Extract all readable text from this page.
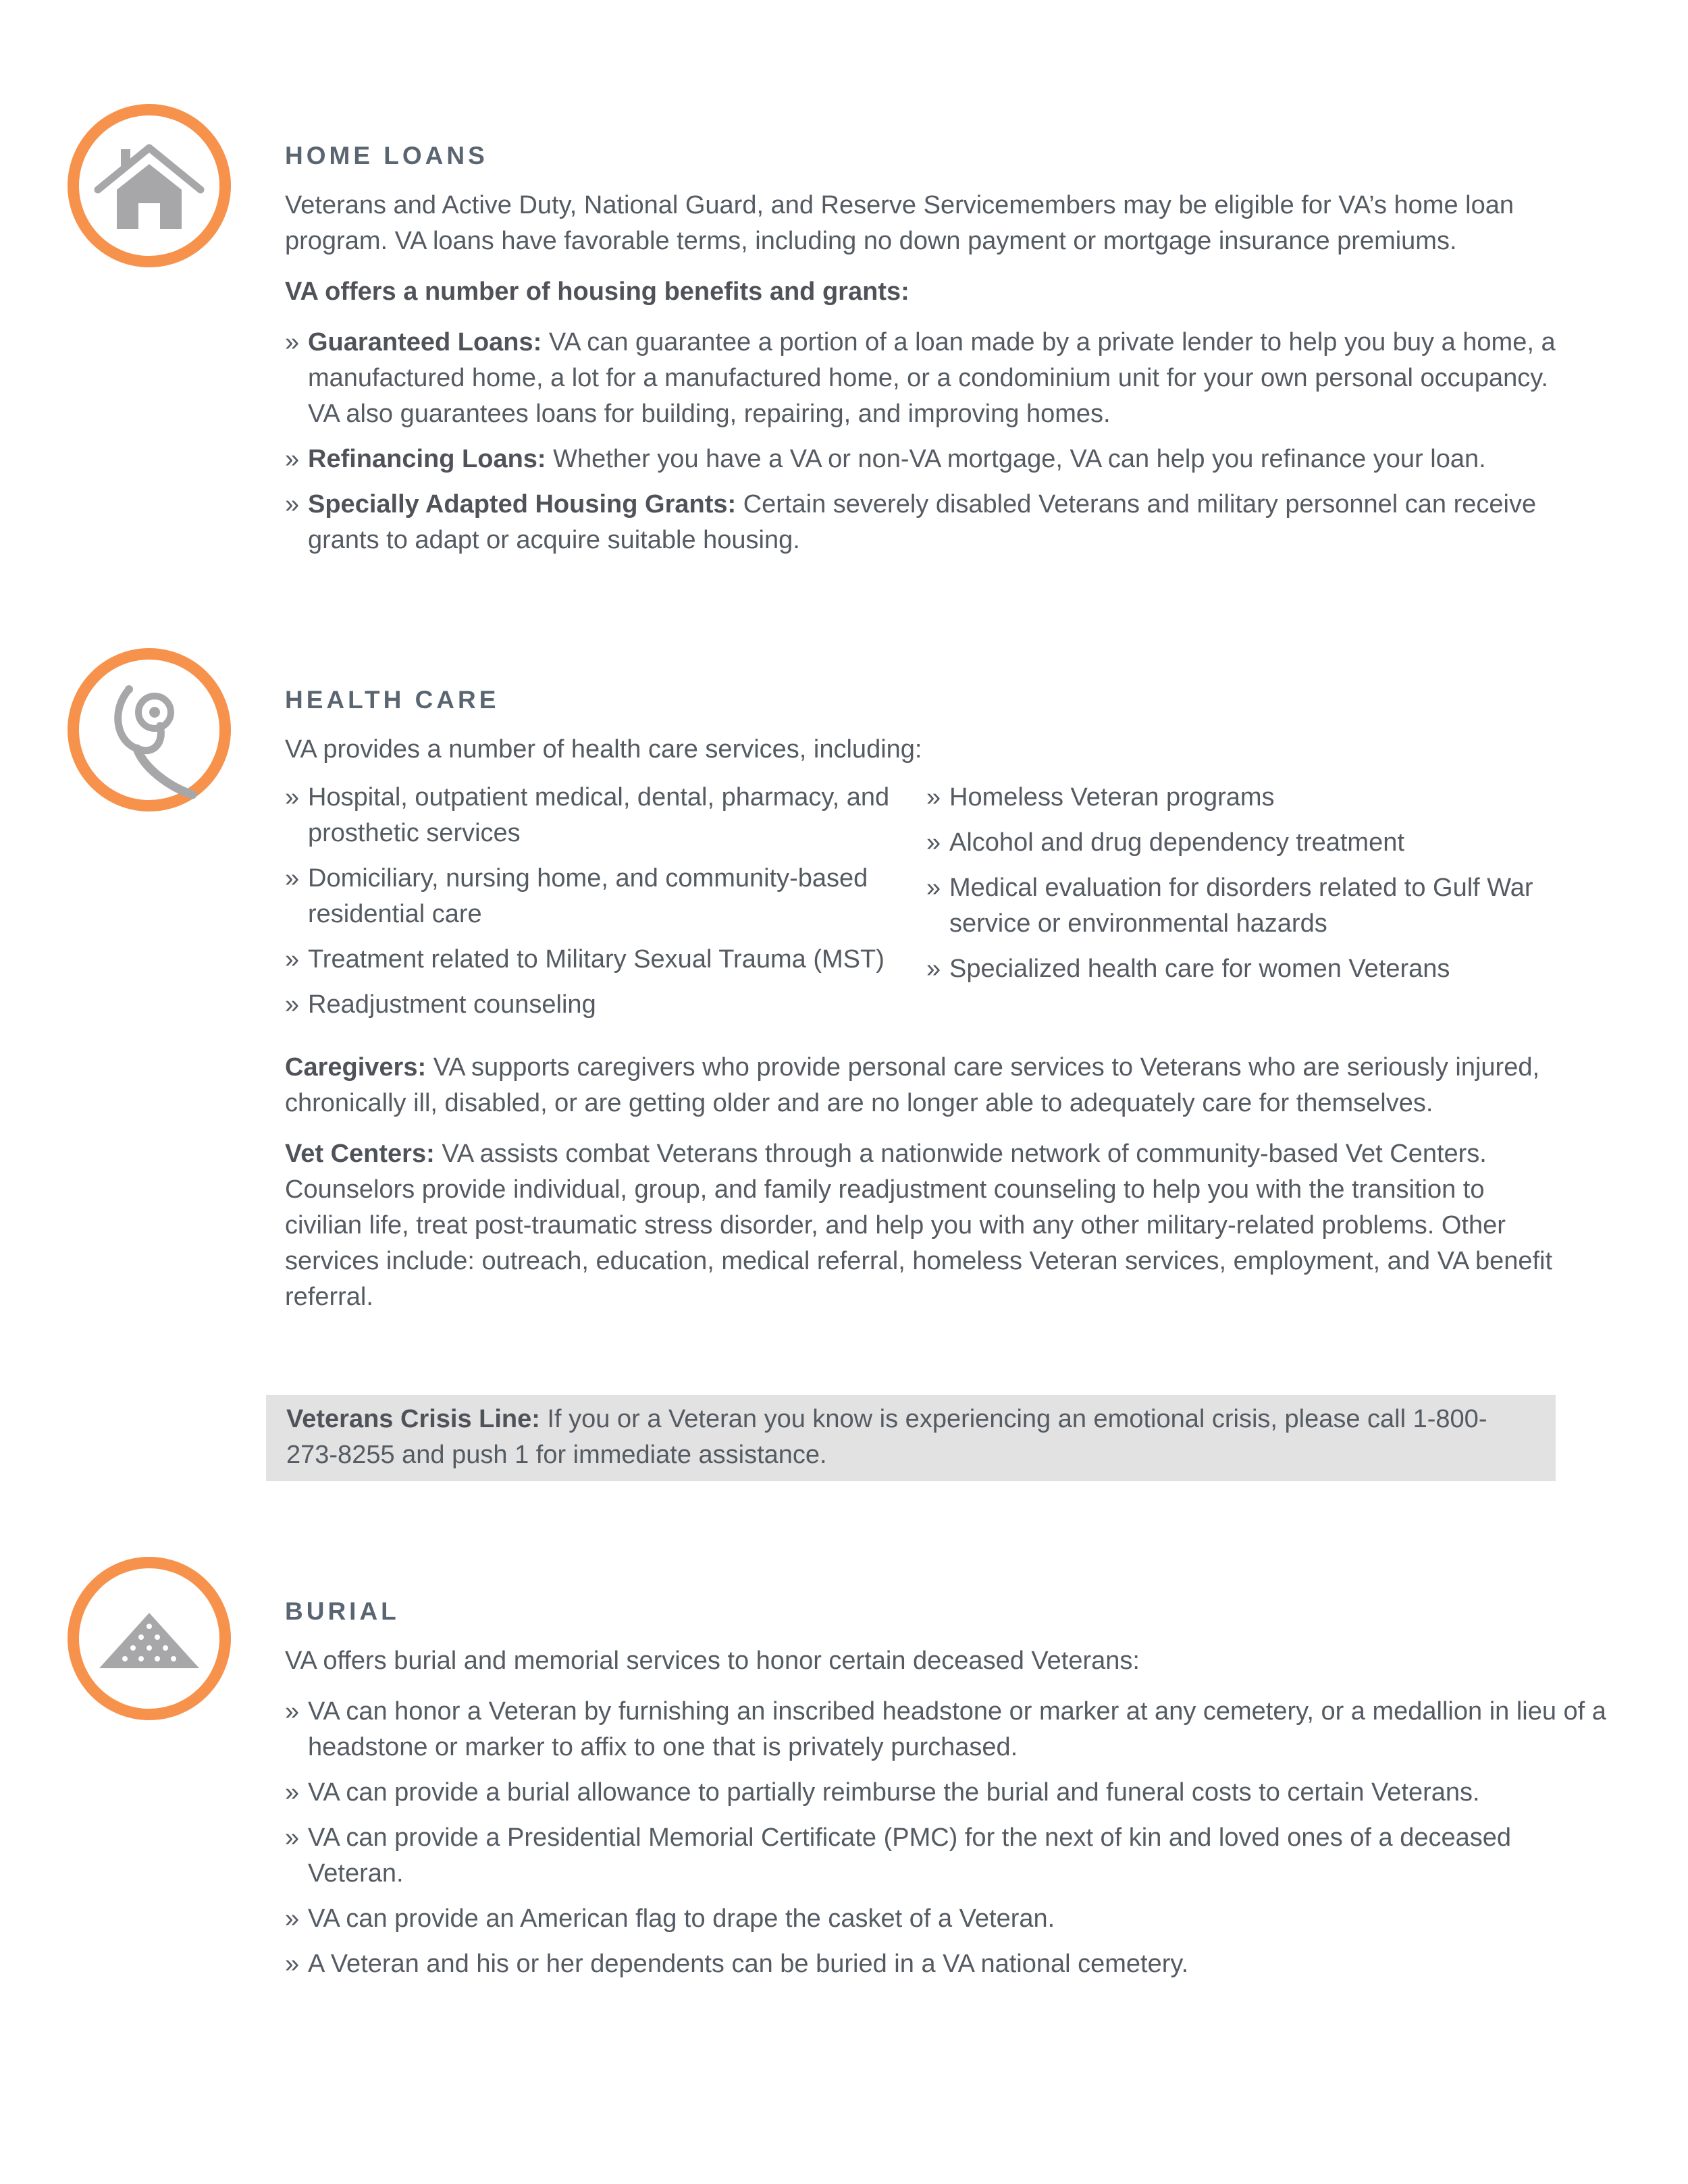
HOME LOANS

Veterans and Active Duty, National Guard, and Reserve Servicemembers may be eligible for VA’s home loan program. VA loans have favorable terms, including no down payment or mortgage insurance premiums.

VA offers a number of housing benefits and grants:

» Guaranteed Loans: VA can guarantee a portion of a loan made by a private lender to help you buy a home, a manufactured home, a lot for a manufactured home, or a condominium unit for your own personal occupancy. VA also guarantees loans for building, repairing, and improving homes.
» Refinancing Loans: Whether you have a VA or non-VA mortgage, VA can help you refinance your loan.
» Specially Adapted Housing Grants: Certain severely disabled Veterans and military personnel can receive grants to adapt or acquire suitable housing.
HEALTH CARE

VA provides a number of health care services, including:

» Hospital, outpatient medical, dental, pharmacy, and prosthetic services
» Domiciliary, nursing home, and community-based residential care
» Treatment related to Military Sexual Trauma (MST)
» Readjustment counseling
» Homeless Veteran programs
» Alcohol and drug dependency treatment
» Medical evaluation for disorders related to Gulf War service or environmental hazards
» Specialized health care for women Veterans

Caregivers: VA supports caregivers who provide personal care services to Veterans who are seriously injured, chronically ill, disabled, or are getting older and are no longer able to adequately care for themselves.

Vet Centers: VA assists combat Veterans through a nationwide network of community-based Vet Centers. Counselors provide individual, group, and family readjustment counseling to help you with the transition to civilian life, treat post-traumatic stress disorder, and help you with any other military-related problems. Other services include: outreach, education, medical referral, homeless Veteran services, employment, and VA benefit referral.

Veterans Crisis Line: If you or a Veteran you know is experiencing an emotional crisis, please call 1-800-273-8255 and push 1 for immediate assistance.
BURIAL

VA offers burial and memorial services to honor certain deceased Veterans:

» VA can honor a Veteran by furnishing an inscribed headstone or marker at any cemetery, or a medallion in lieu of a headstone or marker to affix to one that is privately purchased.
» VA can provide a burial allowance to partially reimburse the burial and funeral costs to certain Veterans.
» VA can provide a Presidential Memorial Certificate (PMC) for the next of kin and loved ones of a deceased Veteran.
» VA can provide an American flag to drape the casket of a Veteran.
» A Veteran and his or her dependents can be buried in a VA national cemetery.
